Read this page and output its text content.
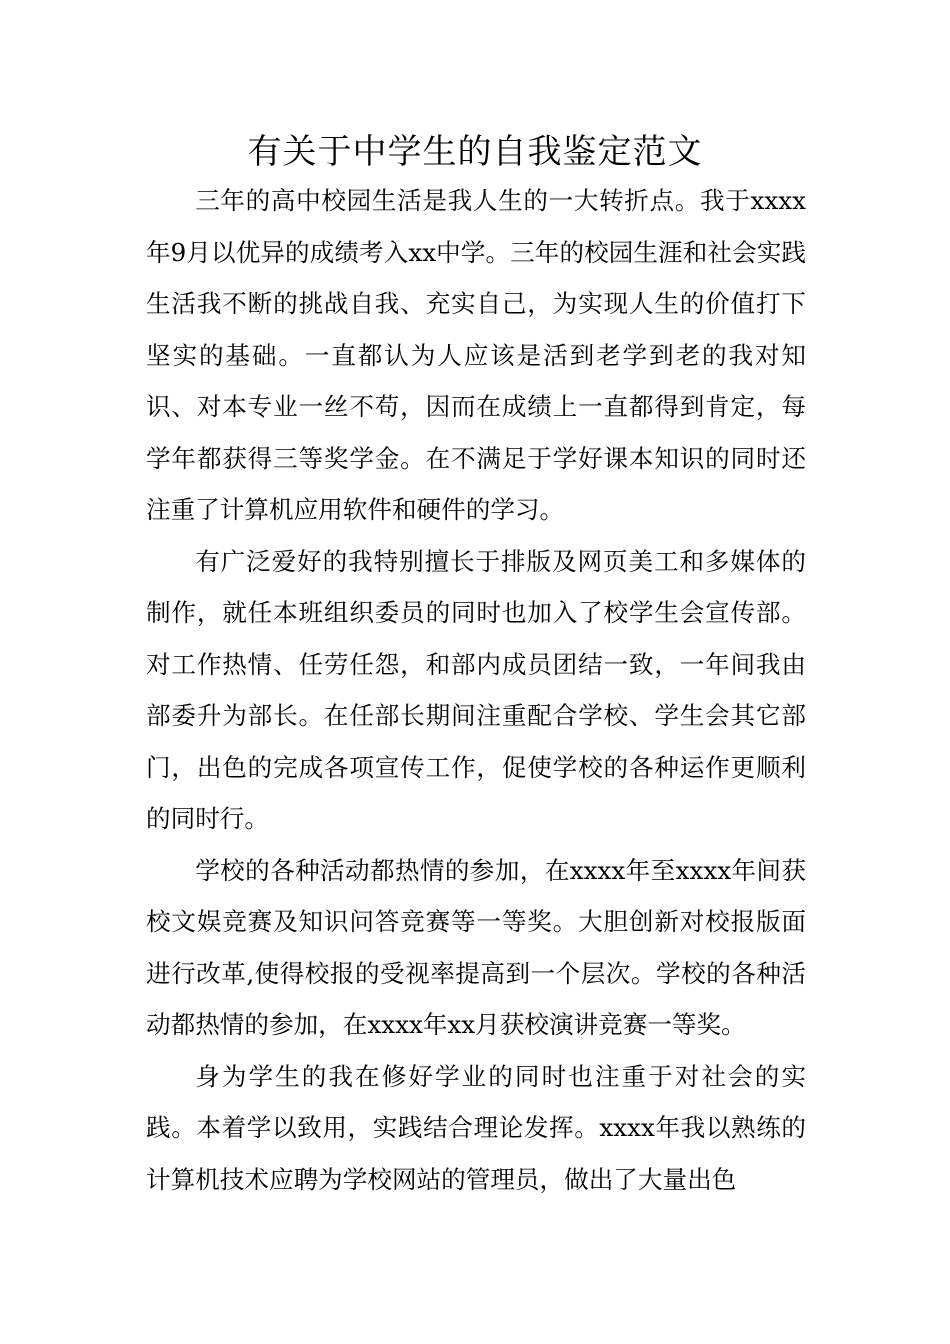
有关于中学生的自我鉴定范文

三年的高中校园生活是我人生的一大转折点。我于xxxx年9月以优异的成绩考入xx中学。三年的校园生涯和社会实践生活我不断的挑战自我、充实自己，为实现人生的价值打下坚实的基础。一直都认为人应该是活到老学到老的我对知识、对本专业一丝不苟，因而在成绩上一直都得到肯定，每学年都获得三等奖学金。在不满足于学好课本知识的同时还注重了计算机应用软件和硬件的学习。

有广泛爱好的我特别擅长于排版及网页美工和多媒体的制作，就任本班组织委员的同时也加入了校学生会宣传部。对工作热情、任劳任怨，和部内成员团结一致，一年间我由部委升为部长。在任部长期间注重配合学校、学生会其它部门，出色的完成各项宣传工作，促使学校的各种运作更顺利的同时行。

学校的各种活动都热情的参加，在xxxx年至xxxx年间获校文娱竞赛及知识问答竞赛等一等奖。大胆创新对校报版面进行改革,使得校报的受视率提高到一个层次。学校的各种活动都热情的参加，在xxxx年xx月获校演讲竞赛一等奖。

身为学生的我在修好学业的同时也注重于对社会的实践。本着学以致用，实践结合理论发挥。xxxx年我以熟练的计算机技术应聘为学校网站的管理员，做出了大量出色
